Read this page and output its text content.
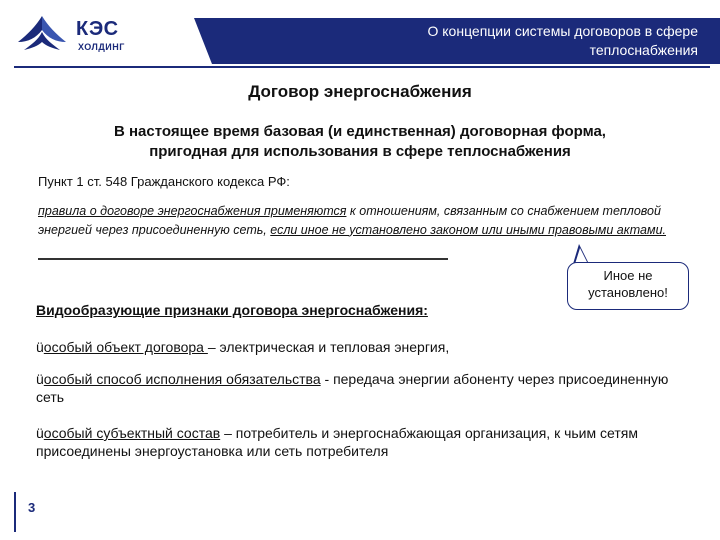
КЭС
ХОЛДИНГ
О концепции системы договоров в сфере
теплоснабжения
Договор энергоснабжения
В настоящее время базовая (и единственная) договорная форма,
пригодная для использования в сфере теплоснабжения
Пункт 1 ст. 548 Гражданского кодекса РФ:
правила о договоре энергоснабжения применяются к отношениям, связанным со снабжением тепловой энергией через присоединенную сеть, если иное не установлено законом или иными правовыми актами.
Иное не
установлено!
Видообразующие признаки договора энергоснабжения:
üособый объект договора – электрическая и тепловая энергия,
üособый способ исполнения обязательства - передача энергии абоненту через присоединенную сеть
üособый субъектный состав – потребитель и энергоснабжающая организация, к чьим сетям присоединены энергоустановка или сеть потребителя
3
